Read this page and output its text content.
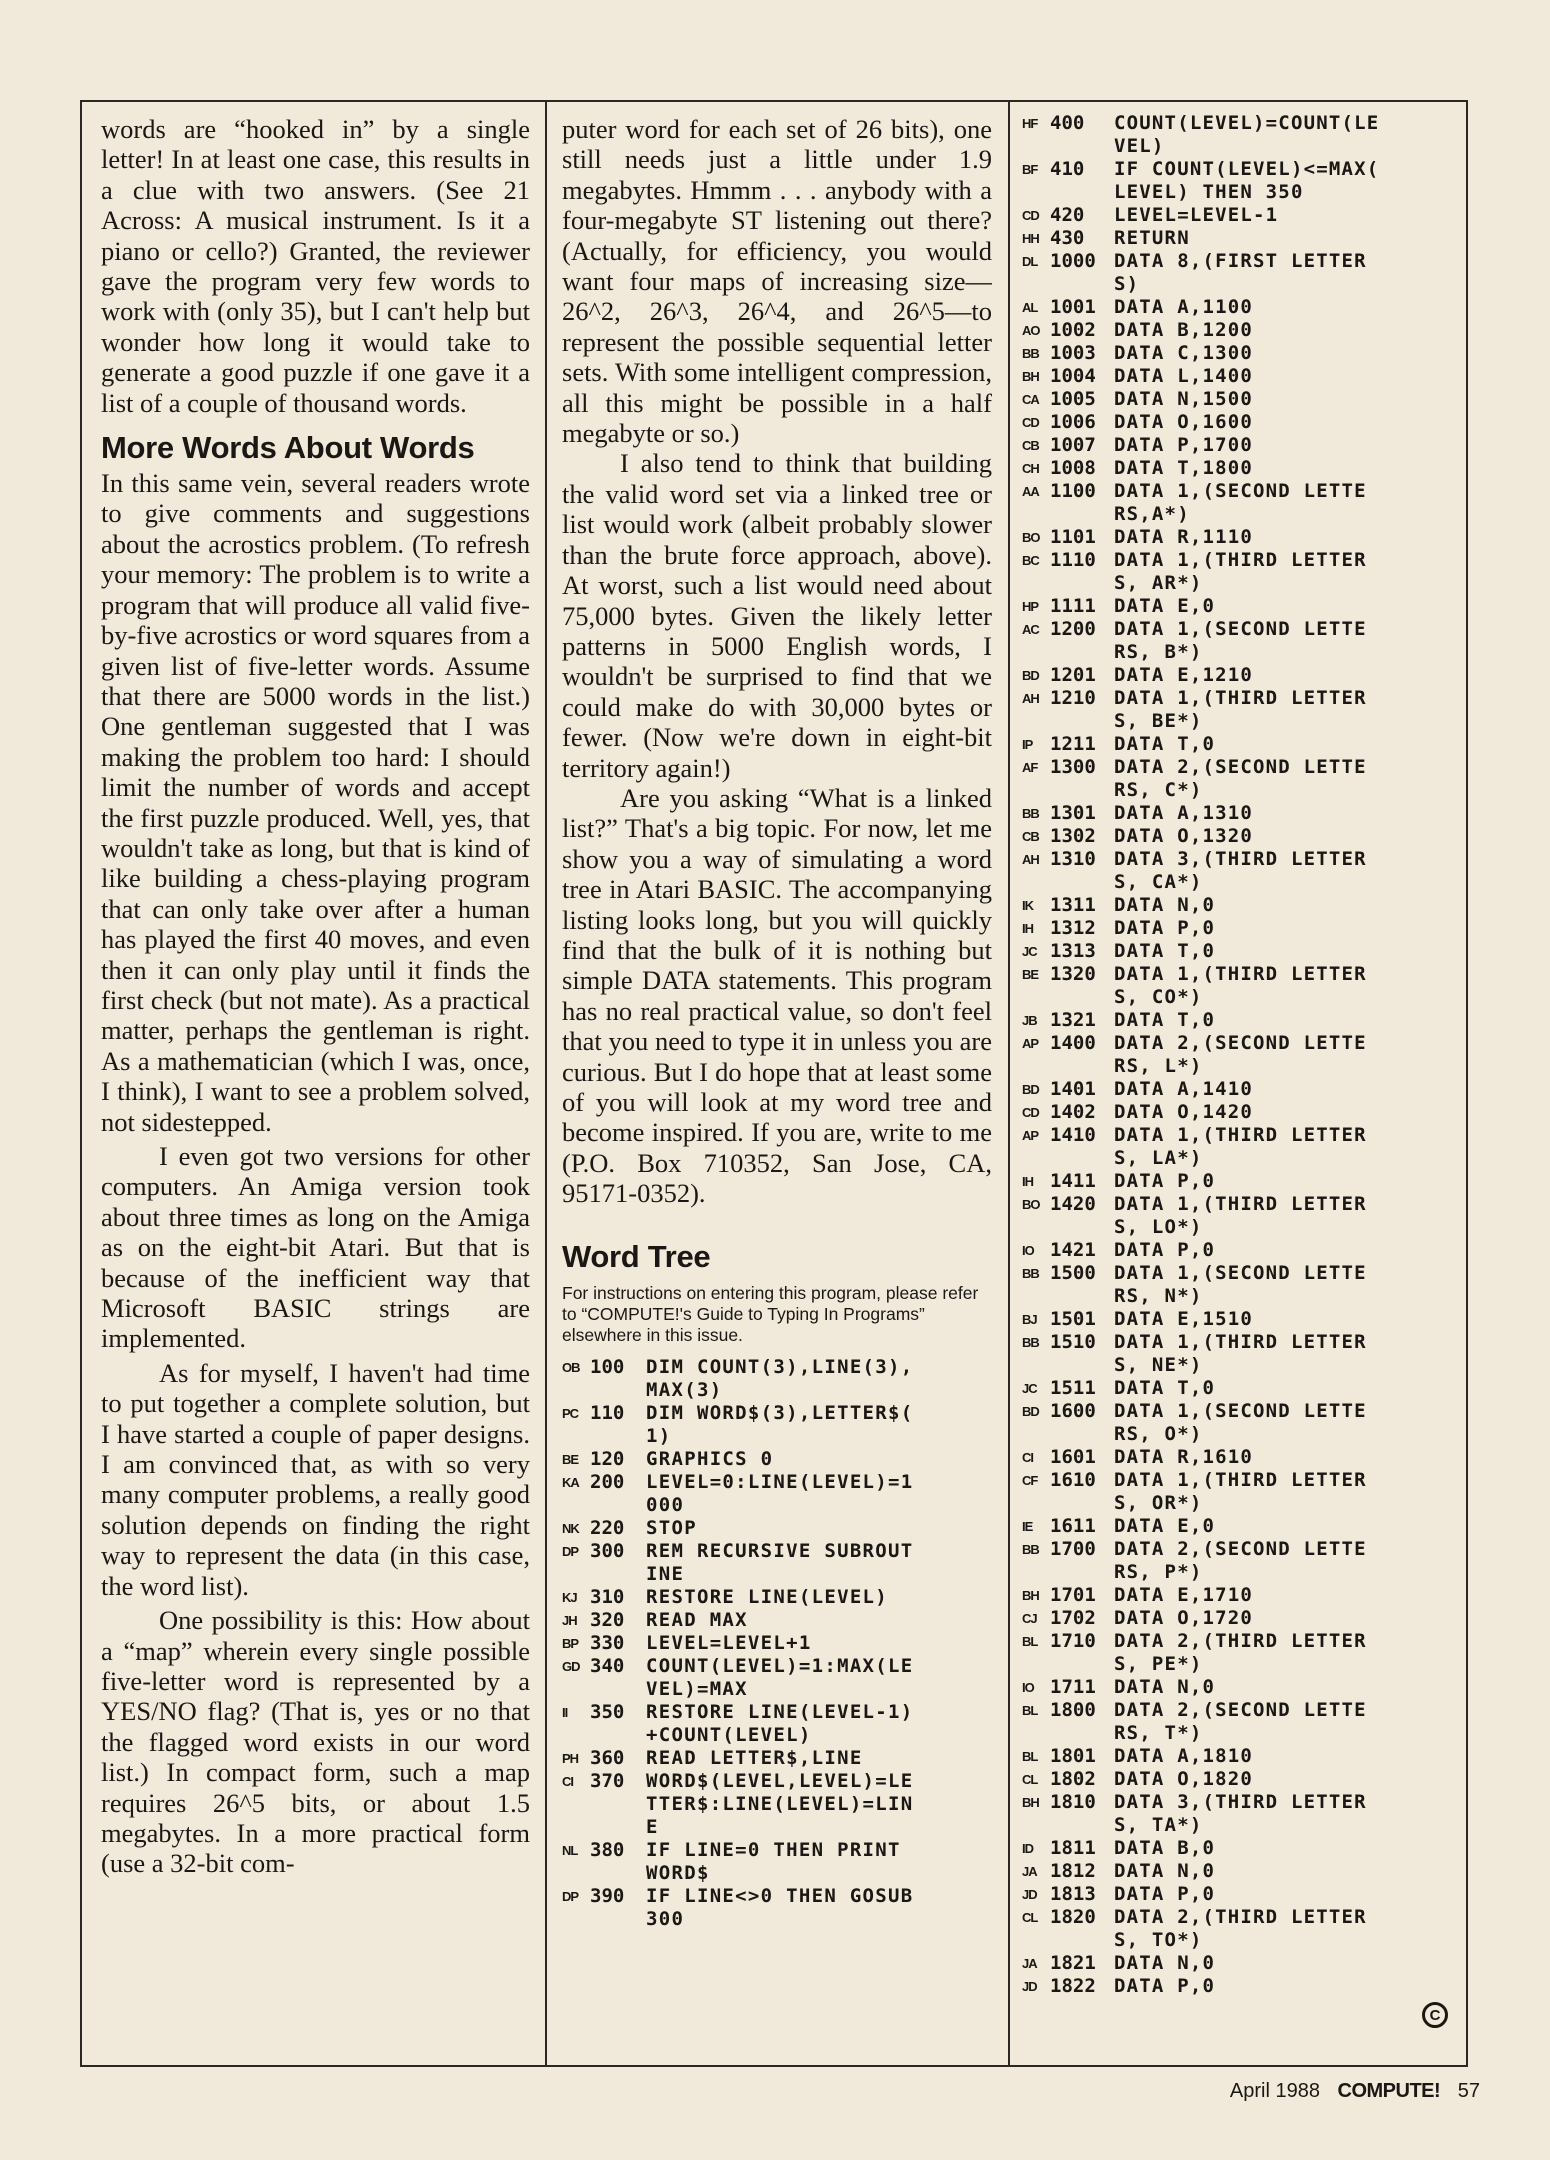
words are “hooked in” by a single letter! In at least one case, this results in a clue with two answers. (See 21 Across: A musical instrument. Is it a piano or cello?) Granted, the reviewer gave the program very few words to work with (only 35), but I can't help but wonder how long it would take to generate a good puzzle if one gave it a list of a couple of thousand words.

More Words About Words

In this same vein, several readers wrote to give comments and suggestions about the acrostics problem. (To refresh your memory: The problem is to write a program that will produce all valid five-by-five acrostics or word squares from a given list of five-letter words. Assume that there are 5000 words in the list.) One gentleman suggested that I was making the problem too hard: I should limit the number of words and accept the first puzzle produced. Well, yes, that wouldn't take as long, but that is kind of like building a chess-playing program that can only take over after a human has played the first 40 moves, and even then it can only play until it finds the first check (but not mate). As a practical matter, perhaps the gentleman is right. As a mathematician (which I was, once, I think), I want to see a problem solved, not sidestepped.

I even got two versions for other computers. An Amiga version took about three times as long on the Amiga as on the eight-bit Atari. But that is because of the inefficient way that Microsoft BASIC strings are implemented.

As for myself, I haven't had time to put together a complete solution, but I have started a couple of paper designs. I am convinced that, as with so very many computer problems, a really good solution depends on finding the right way to represent the data (in this case, the word list).

One possibility is this: How about a “map” wherein every single possible five-letter word is represented by a YES/NO flag? (That is, yes or no that the flagged word exists in our word list.) In compact form, such a map requires 26^5 bits, or about 1.5 megabytes. In a more practical form (use a 32-bit com-

puter word for each set of 26 bits), one still needs just a little under 1.9 megabytes. Hmmm . . . anybody with a four-megabyte ST listening out there? (Actually, for efficiency, you would want four maps of increasing size—26^2, 26^3, 26^4, and 26^5—to represent the possible sequential letter sets. With some intelligent compression, all this might be possible in a half megabyte or so.)

I also tend to think that building the valid word set via a linked tree or list would work (albeit probably slower than the brute force approach, above). At worst, such a list would need about 75,000 bytes. Given the likely letter patterns in 5000 English words, I wouldn't be surprised to find that we could make do with 30,000 bytes or fewer. (Now we're down in eight-bit territory again!)

Are you asking “What is a linked list?” That's a big topic. For now, let me show you a way of simulating a word tree in Atari BASIC. The accompanying listing looks long, but you will quickly find that the bulk of it is nothing but simple DATA statements. This program has no real practical value, so don't feel that you need to type it in unless you are curious. But I do hope that at least some of you will look at my word tree and become inspired. If you are, write to me (P.O. Box 710352, San Jose, CA, 95171-0352).

Word Tree

For instructions on entering this program, please refer to “COMPUTE!'s Guide to Typing In Programs” elsewhere in this issue.

OB 100	DIM COUNT(3),LINE(3),
MAX(3)
PC 110	DIM WORD$(3),LETTER$(
1)
BE 120	GRAPHICS 0
KA 200	LEVEL=0:LINE(LEVEL)=1
000
NK 220	STOP
DP 300	REM RECURSIVE SUBROUT
INE
KJ 310	RESTORE LINE(LEVEL)
JH 320	READ MAX
BP 330	LEVEL=LEVEL+1
GD 340	COUNT(LEVEL)=1:MAX(LE
VEL)=MAX
II	350	RESTORE LINE(LEVEL-1)
+COUNT(LEVEL)
PH 360	READ LETTER$,LINE
CI 370	WORD$(LEVEL,LEVEL)=LE
TTER$:LINE(LEVEL)=LIN
E
NL 380	IF LINE=0 THEN PRINT
WORD$
DP 390	IF LINE<>0 THEN GOSUB
300
HF 400	COUNT(LEVEL)=COUNT(LE
VEL)
BF 410	IF COUNT(LEVEL)<=MAX(
LEVEL) THEN 350
CD 420	LEVEL=LEVEL-1
HH 430	RETURN
DL 1000 DATA 8,(FIRST LETTER
S)
AL 1001 DATA A,1100
AO 1002 DATA B,1200
BB 1003 DATA C,1300
BH 1004 DATA L,1400
CA 1005 DATA N,1500
CD 1006 DATA O,1600
CB 1007 DATA P,1700
CH 1008 DATA T,1800
AA 1100 DATA 1,(SECOND LETTE
RS,A*)
BO 1101 DATA R,1110
BC 1110 DATA 1,(THIRD LETTER
S, AR*)
HP 1111 DATA E,0
AC 1200 DATA 1,(SECOND LETTE
RS, B*)
BD 1201 DATA E,1210
AH 1210 DATA 1,(THIRD LETTER
S, BE*)
IP 1211 DATA T,0
AF 1300 DATA 2,(SECOND LETTE
RS, C*)
BB 1301 DATA A,1310
CB 1302 DATA O,1320
AH 1310 DATA 3,(THIRD LETTER
S, CA*)
IK 1311 DATA N,0
IH 1312 DATA P,0
JC 1313 DATA T,0
BE 1320 DATA 1,(THIRD LETTER
S, CO*)
JB 1321 DATA T,0
AP 1400 DATA 2,(SECOND LETTE
RS, L*)
BD 1401 DATA A,1410
CD 1402 DATA O,1420
AP 1410 DATA 1,(THIRD LETTER
S, LA*)
IH 1411 DATA P,0
BO 1420 DATA 1,(THIRD LETTER
S, LO*)
IO 1421 DATA P,0
BB 1500 DATA 1,(SECOND LETTE
RS, N*)
BJ 1501 DATA E,1510
BB 1510 DATA 1,(THIRD LETTER
S, NE*)
JC 1511 DATA T,0
BD 1600 DATA 1,(SECOND LETTE
RS, O*)
CI 1601 DATA R,1610
CF 1610 DATA 1,(THIRD LETTER
S, OR*)
IE 1611 DATA E,0
BB 1700 DATA 2,(SECOND LETTE
RS, P*)
BH 1701 DATA E,1710
CJ 1702 DATA O,1720
BL 1710 DATA 2,(THIRD LETTER
S, PE*)
IO 1711 DATA N,0
BL 1800 DATA 2,(SECOND LETTE
RS, T*)
BL 1801 DATA A,1810
CL 1802 DATA O,1820
BH 1810 DATA 3,(THIRD LETTER
S, TA*)
ID 1811 DATA B,0
JA 1812 DATA N,0
JD 1813 DATA P,0
CL 1820 DATA 2,(THIRD LETTER
S, TO*)
JA 1821 DATA N,0
JD 1822 DATA P,0
C
April 1988 COMPUTE! 57
